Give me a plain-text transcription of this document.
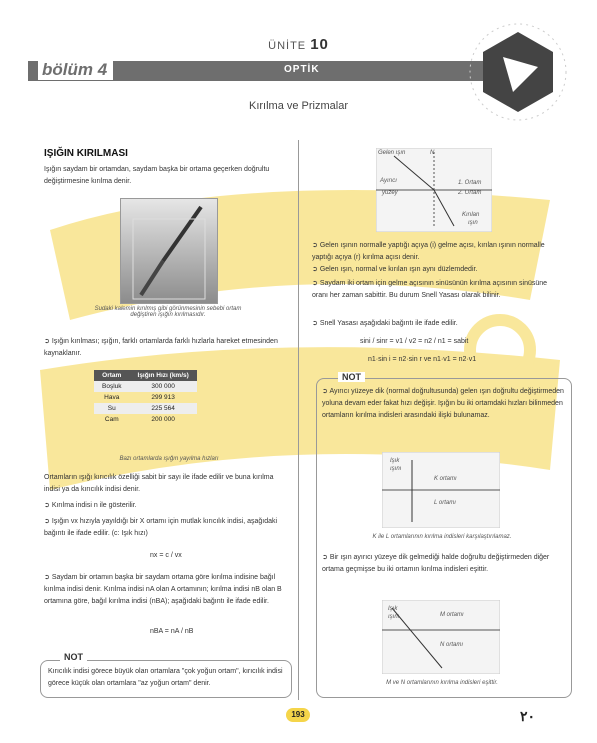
ÜNİTE 10
bölüm 4	OPTİK
Kırılma ve Prizmalar
IŞIĞIN KIRILMASI
Işığın saydam bir ortamdan, saydam başka bir ortama geçerken doğrultu değiştirmesine kırılma denir.
Sudaki kalemin kırılmış gibi görünmesinin sebebi ortam değiştiren ışığın kırılmasıdır.
➲ Işığın kırılması; ışığın, farklı ortamlarda farklı hızlarla hareket etmesinden kaynaklanır.
Ortam	Işığın Hızı (km/s)
Boşluk	300 000
Hava	299 913
Su	225 564
Cam	200 000
Bazı ortamlarda ışığın yayılma hızları
Ortamların ışığı kırıcılık özelliği sabit bir sayı ile ifade edilir ve buna kırılma indisi ya da kırıcılık indisi denir.
➲ Kırılma indisi n ile gösterilir.
➲ Işığın vx hızıyla yayıldığı bir X ortamı için mutlak kırıcılık indisi, aşağıdaki bağıntı ile ifade edilir. (c: Işık hızı)
nx = c / vx
➲ Saydam bir ortamın başka bir saydam ortama göre kırılma indisine bağıl kırılma indisi denir. Kırılma indisi nA olan A ortamının; kırılma indisi nB olan B ortamına göre, bağıl kırılma indisi (nBA); aşağıdaki bağıntı ile ifade edilir.
nBA = nA / nB
NOT
Kırıcılık indisi görece büyük olan ortamlara "çok yoğun ortam", kırıcılık indisi görece küçük olan ortamlara "az yoğun ortam" denir.
Gelen ışın	N
Ayırıcı
yüzey
1. Ortam
2. Ortam
Kırılan
ışın
➲ Gelen ışının normalle yaptığı açıya (i) gelme açısı, kırılan ışının normalle yaptığı açıya (r) kırılma açısı denir.
➲ Gelen ışın, normal ve kırılan ışın aynı düzlemdedir.
➲ Saydam iki ortam için gelme açısının sinüsünün kırılma açısının sinüsüne oranı her zaman sabittir. Bu durum Snell Yasası olarak bilinir.
➲ Snell Yasası aşağıdaki bağıntı ile ifade edilir.
sini / sinr = v1 / v2 = n2 / n1 = sabit
n1·sin i = n2·sin r ve n1·v1 = n2·v1
NOT
➲ Ayırıcı yüzeye dik (normal doğrultusunda) gelen ışın doğrultu değiştirmeden yoluna devam eder fakat hızı değişir. Işığın bu iki ortamdaki hızları bilinmeden ortamların kırılma indisleri arasındaki ilişki bulunamaz.
Işık
ışını
K ortamı
L ortamı
K ile L ortamlarının kırılma indisleri karşılaştırılamaz.
➲ Bir ışın ayırıcı yüzeye dik gelmediği halde doğrultu değiştirmeden diğer ortama geçmişse bu iki ortamın kırılma indisleri eşittir.
Işık
ışını	M ortamı
N ortamı
M ve N ortamlarının kırılma indisleri eşittir.
193	۲۰
